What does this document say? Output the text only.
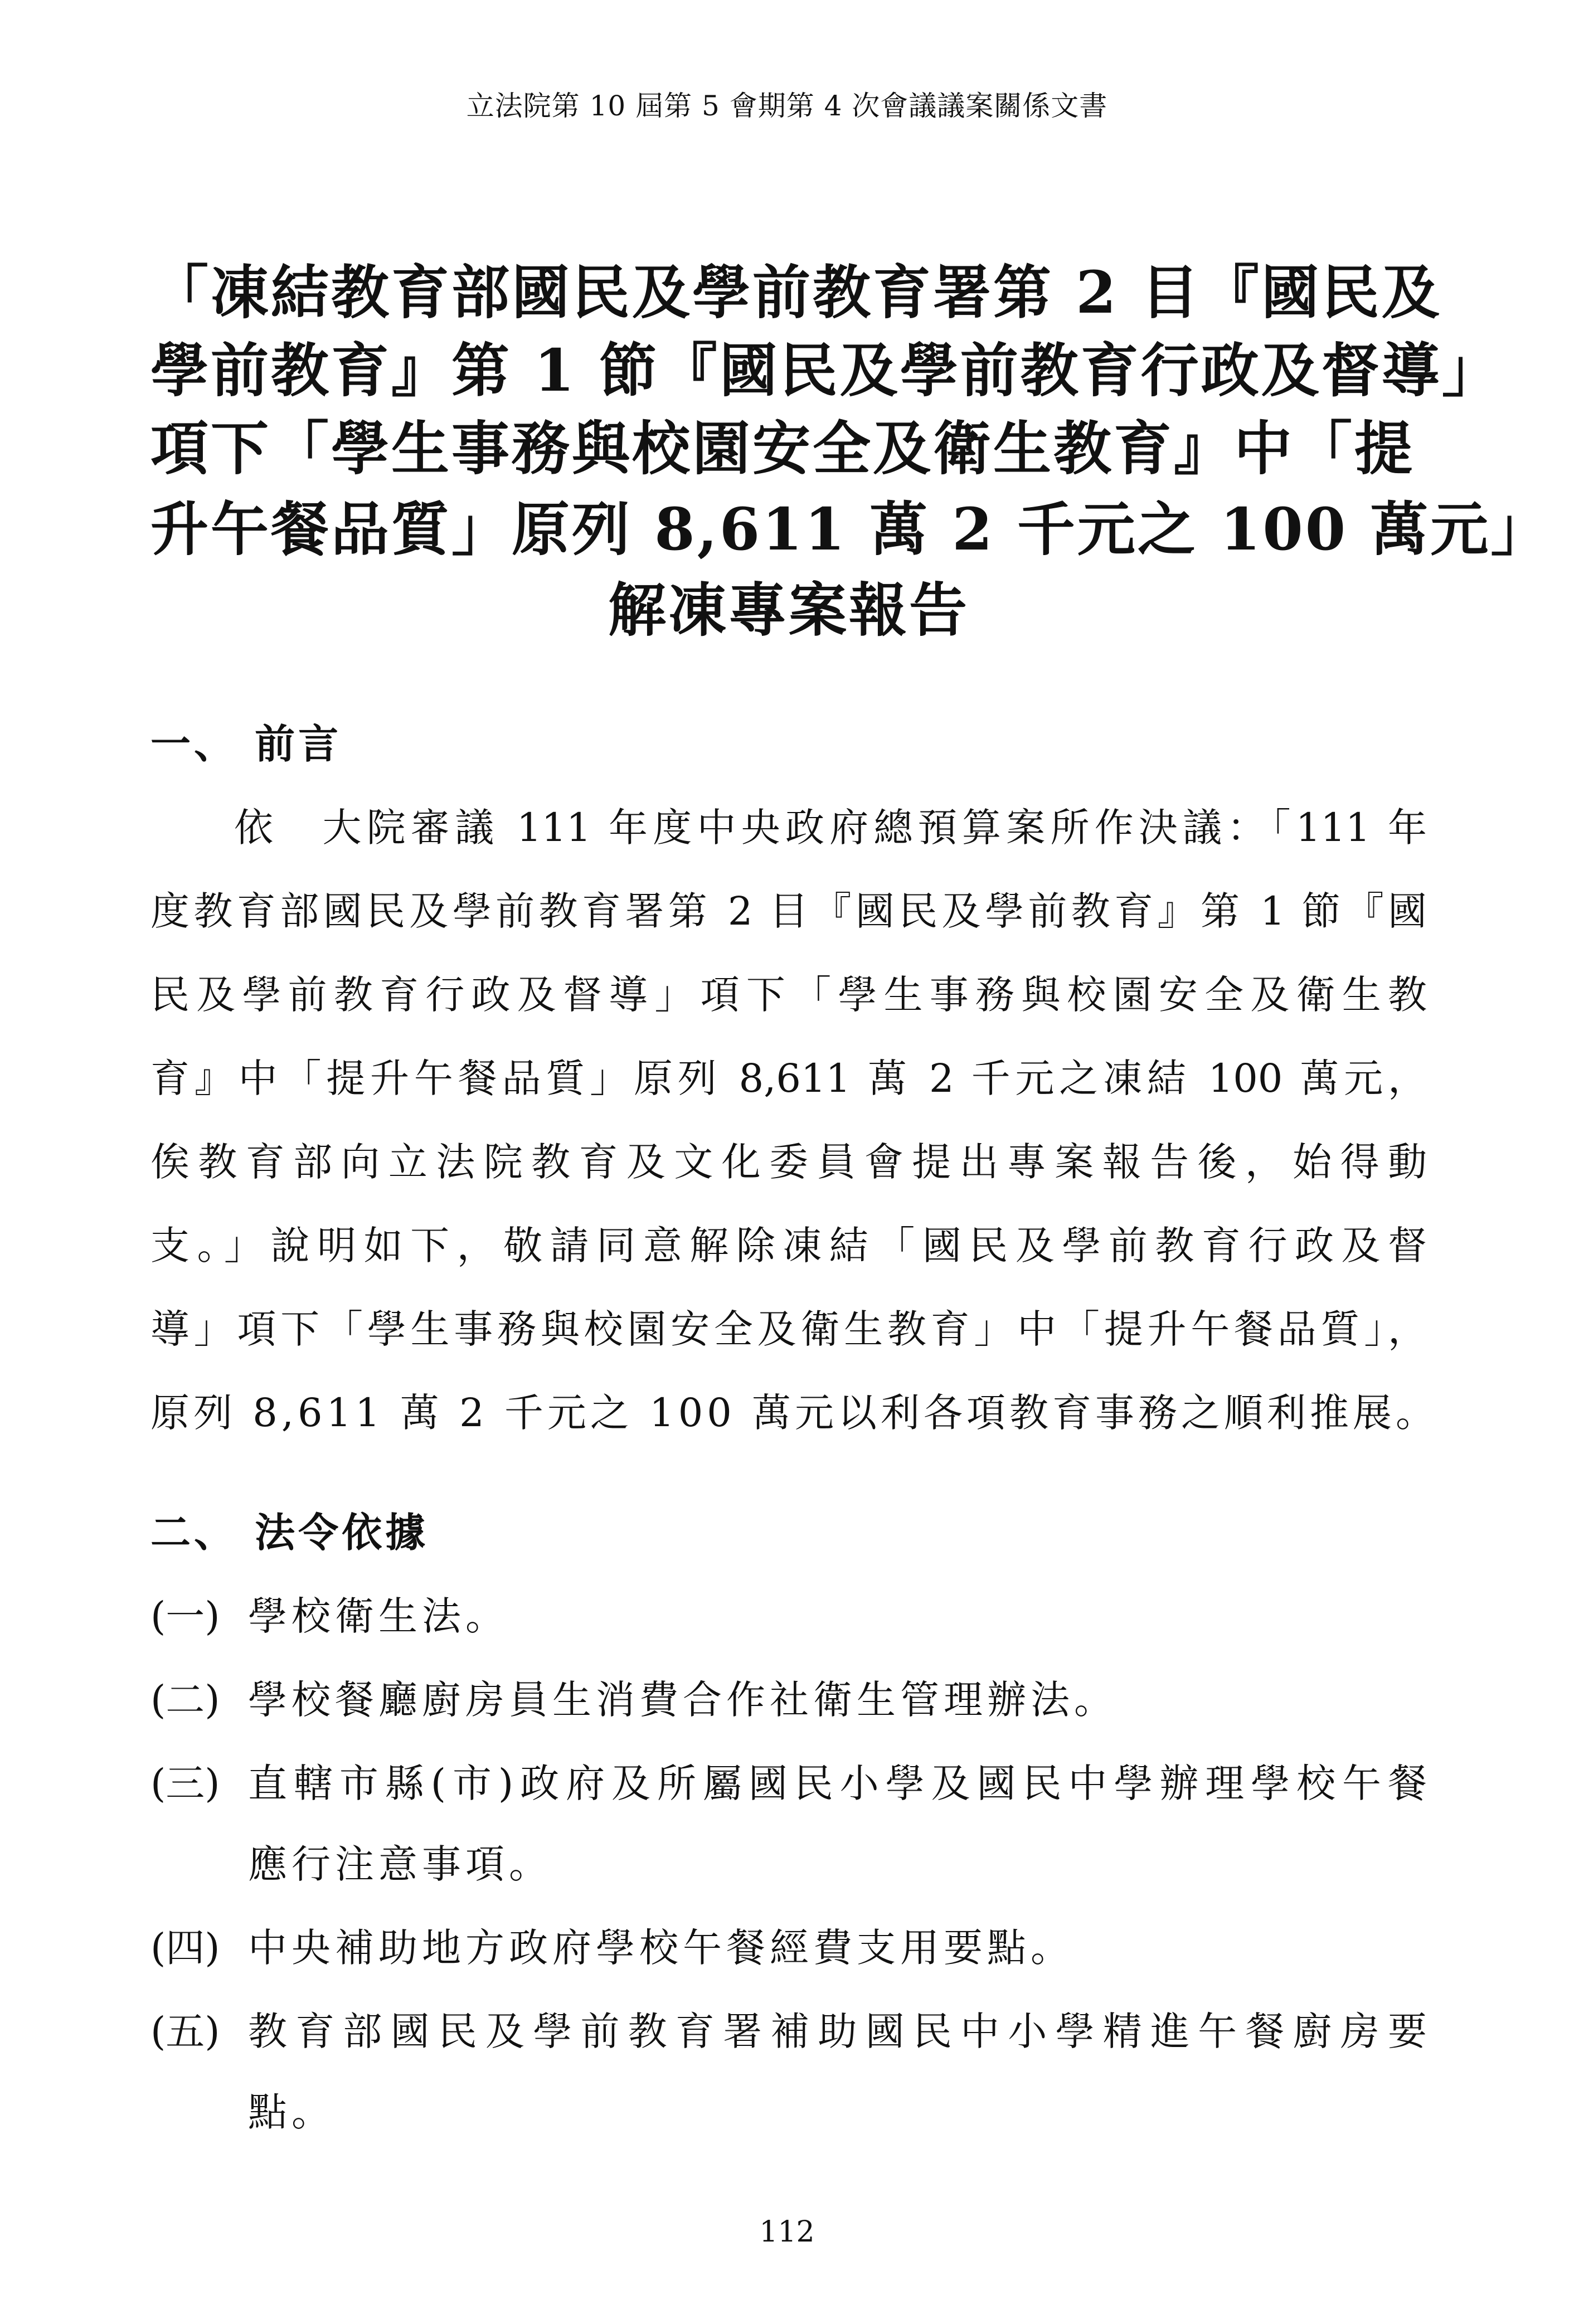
立法院第 10 屆第 5 會期第 4 次會議議案關係文書
「凍結教育部國民及學前教育署第 2 目『國民及
學前教育』第 1 節『國民及學前教育行政及督導」
項下「學生事務與校園安全及衛生教育』中「提
升午餐品質」原列 8,611 萬 2 千元之 100 萬元」
解凍專案報告
一、 前言
依　大院審議 111 年度中央政府總預算案所作決議：「111 年
度教育部國民及學前教育署第 2 目『國民及學前教育』第 1 節『國
民及學前教育行政及督導」項下「學生事務與校園安全及衛生教
育』中「提升午餐品質」原列 8,611 萬 2 千元之凍結 100 萬元，
俟教育部向立法院教育及文化委員會提出專案報告後，始得動
支。」說明如下，敬請同意解除凍結「國民及學前教育行政及督
導」項下「學生事務與校園安全及衛生教育」中「提升午餐品質」，
原列 8,611 萬 2 千元之 100 萬元以利各項教育事務之順利推展。
二、 法令依據
(一) 學校衛生法。
(二) 學校餐廳廚房員生消費合作社衛生管理辦法。
(三) 直轄市縣(市)政府及所屬國民小學及國民中學辦理學校午餐
應行注意事項。
(四) 中央補助地方政府學校午餐經費支用要點。
(五) 教育部國民及學前教育署補助國民中小學精進午餐廚房要
點。
112
